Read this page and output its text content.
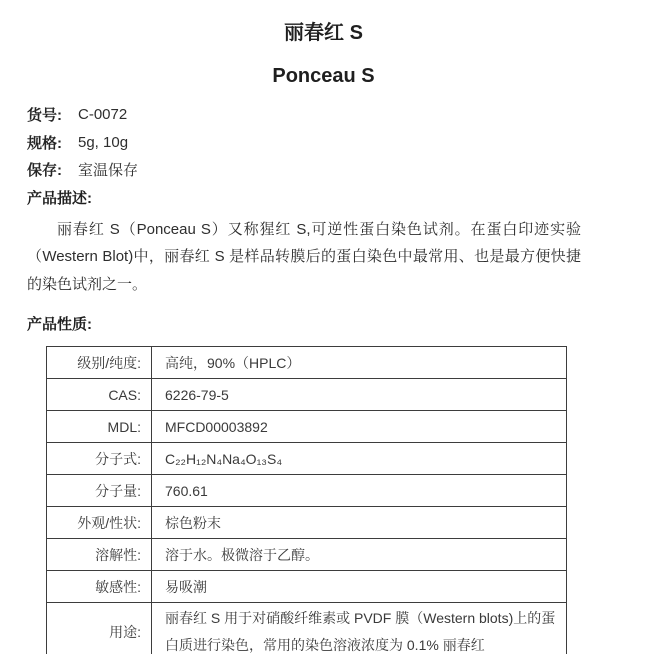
丽春红 S
Ponceau S
货号:	C-0072
规格:	5g, 10g
保存:	室温保存
产品描述:

丽春红 S（Ponceau S）又称猩红 S,可逆性蛋白染色试剂。在蛋白印迹实验（Western Blot)中，丽春红 S 是样品转膜后的蛋白染色中最常用、也是最方便快捷的染色试剂之一。

产品性质:
级别/纯度:	高纯，90%（HPLC）
CAS:	6226-79-5
MDL:	MFCD00003892
分子式:	C₂₂H₁₂N₄Na₄O₁₃S₄
分子量:	760.61
外观/性状:	棕色粉末
溶解性:	溶于水。极微溶于乙醇。
敏感性:	易吸潮
用途:	丽春红 S 用于对硝酸纤维素或 PVDF 膜（Western blots)上的蛋白质进行染色，常用的染色溶液浓度为 0.1% 丽春红
